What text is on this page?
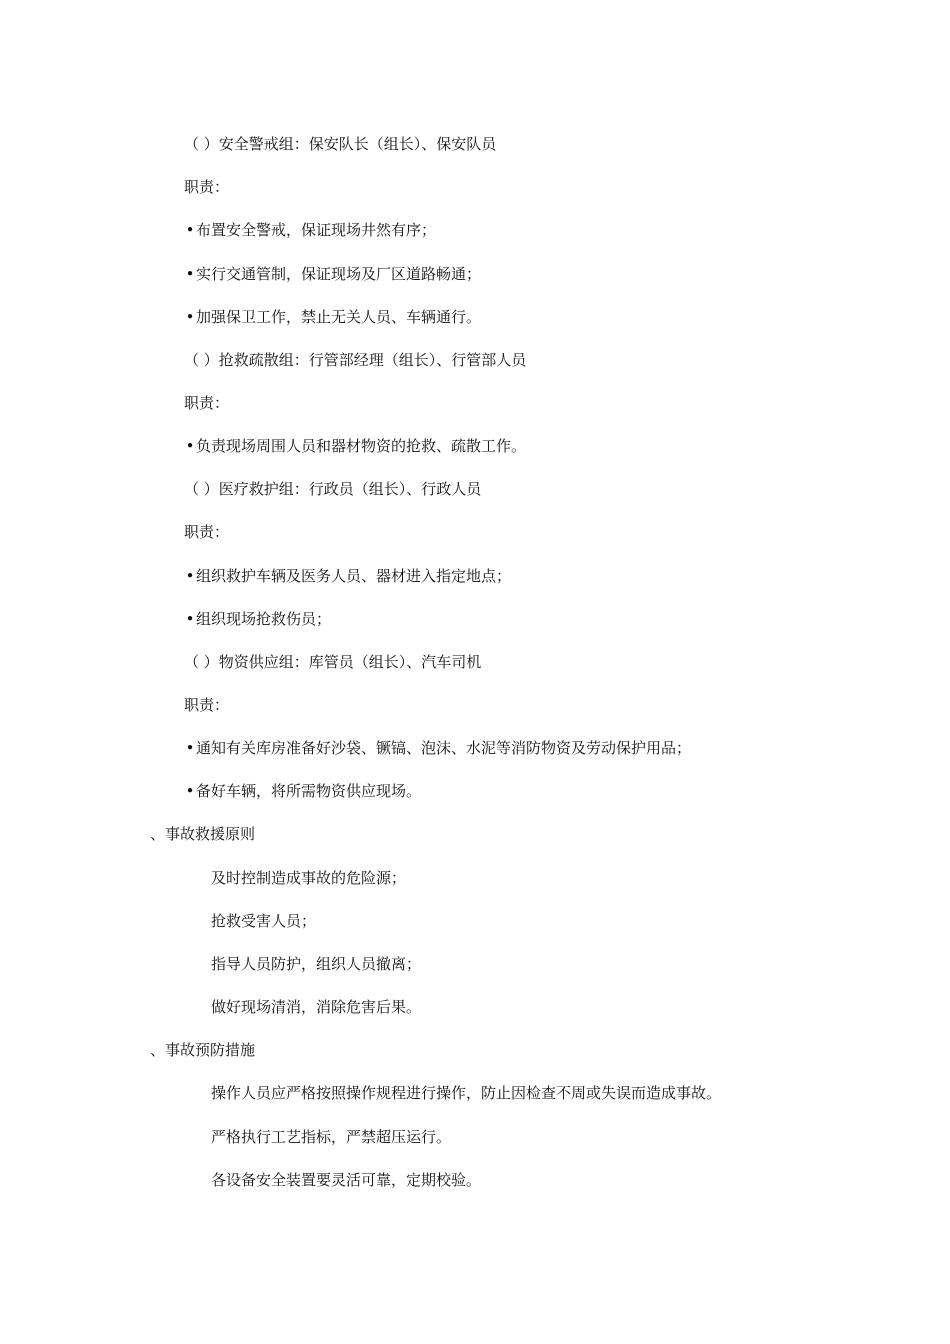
（ ）安全警戒组：保安队长（组长）、保安队员
职责：
• 布置安全警戒，保证现场井然有序；
• 实行交通管制，保证现场及厂区道路畅通；
• 加强保卫工作，禁止无关人员、车辆通行。
（ ）抢救疏散组：行管部经理（组长）、行管部人员
职责：
• 负责现场周围人员和器材物资的抢救、疏散工作。
（ ）医疗救护组：行政员（组长）、行政人员
职责：
• 组织救护车辆及医务人员、器材进入指定地点；
• 组织现场抢救伤员；
（ ）物资供应组：库管员（组长）、汽车司机
职责：
• 通知有关库房准备好沙袋、镢镐、泡沫、水泥等消防物资及劳动保护用品；
• 备好车辆，将所需物资供应现场。
、事故救援原则
及时控制造成事故的危险源；
抢救受害人员；
指导人员防护，组织人员撤离；
做好现场清消，消除危害后果。
、事故预防措施
操作人员应严格按照操作规程进行操作，防止因检查不周或失误而造成事故。
严格执行工艺指标，严禁超压运行。
各设备安全装置要灵活可靠，定期校验。
